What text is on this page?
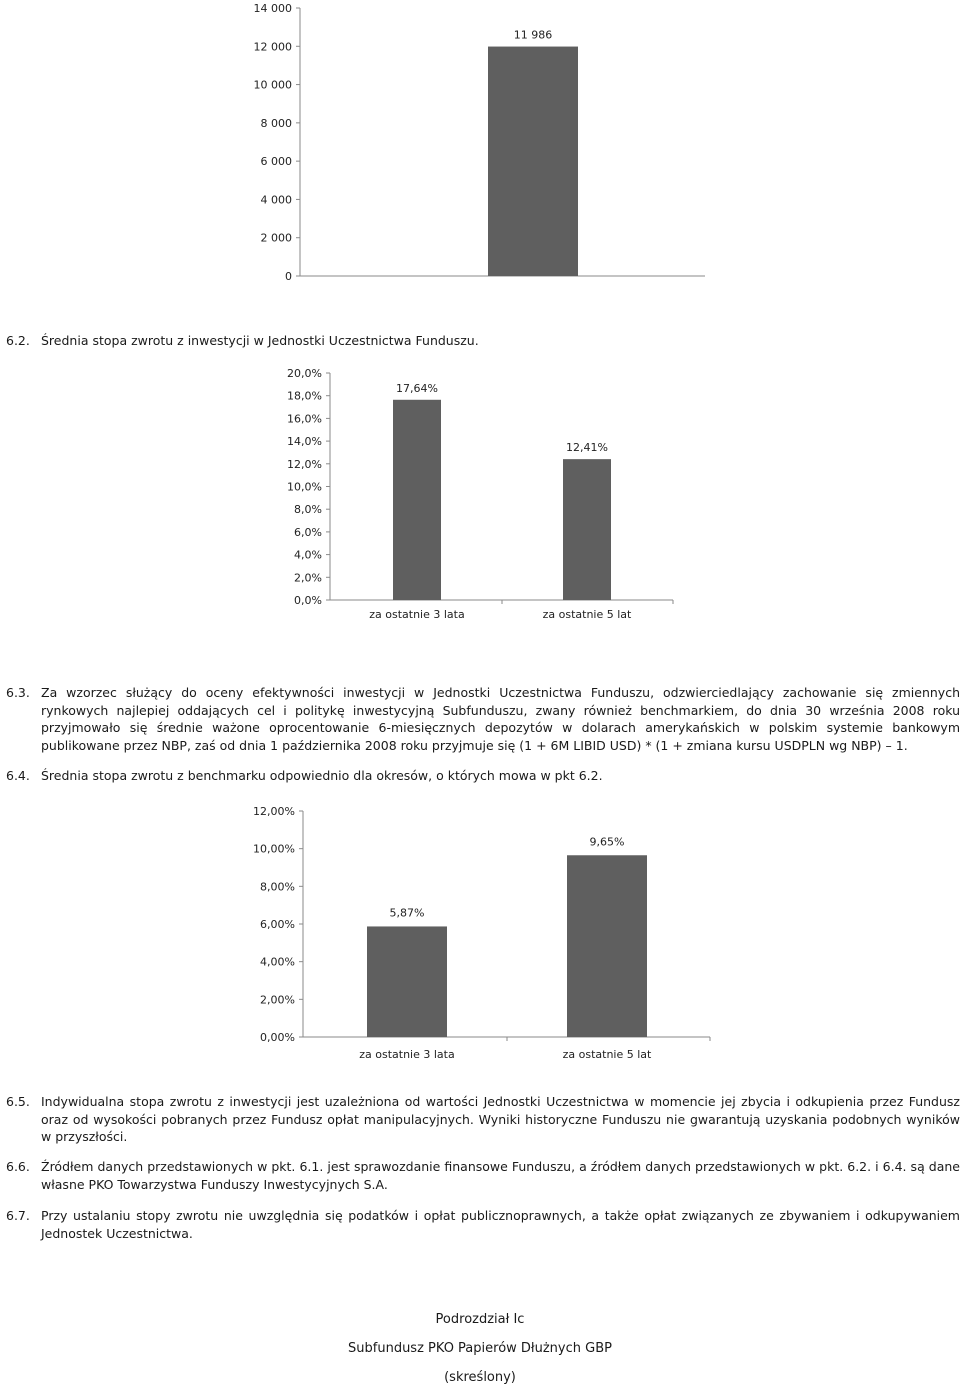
0
2 000
4 000
6 000
8 000
10 000
12 000
14 000
11 986
6.2. Średnia stopa zwrotu z inwestycji w Jednostki Uczestnictwa Funduszu.
0,0%
2,0%
4,0%
6,0%
8,0%
10,0%
12,0%
14,0%
16,0%
18,0%
20,0%
17,64%
za ostatnie 3 lata
12,41%
za ostatnie 5 lat
6.3. Za wzorzec służący do oceny efektywności inwestycji w Jednostki Uczestnictwa Funduszu, odzwierciedlający zachowanie się zmiennych rynkowych najlepiej oddających cel i politykę inwestycyjną Subfunduszu, zwany również benchmarkiem, do dnia 30 września 2008 roku przyjmowało się średnie ważone oprocentowanie 6-miesięcznych depozytów w dolarach amerykańskich w polskim systemie bankowym publikowane przez NBP, zaś od dnia 1 października 2008 roku przyjmuje się (1 + 6M LIBID USD) * (1 + zmiana kursu USDPLN wg NBP) – 1.
6.4. Średnia stopa zwrotu z benchmarku odpowiednio dla okresów, o których mowa w pkt 6.2.
0,00%
2,00%
4,00%
6,00%
8,00%
10,00%
12,00%
5,87%
za ostatnie 3 lata
9,65%
za ostatnie 5 lat
6.5. Indywidualna stopa zwrotu z inwestycji jest uzależniona od wartości Jednostki Uczestnictwa w momencie jej zbycia i odkupienia przez Fundusz oraz od wysokości pobranych przez Fundusz opłat manipulacyjnych. Wyniki historyczne Funduszu nie gwarantują uzyskania podobnych wyników w przyszłości.
6.6. Źródłem danych przedstawionych w pkt. 6.1. jest sprawozdanie finansowe Funduszu, a źródłem danych przedstawionych w pkt. 6.2. i 6.4. są dane własne PKO Towarzystwa Funduszy Inwestycyjnych S.A.
6.7. Przy ustalaniu stopy zwrotu nie uwzględnia się podatków i opłat publicznoprawnych, a także opłat związanych ze zbywaniem i odkupywaniem Jednostek Uczestnictwa.
Podrozdział Ic
Subfundusz PKO Papierów Dłużnych GBP
(skreślony)
